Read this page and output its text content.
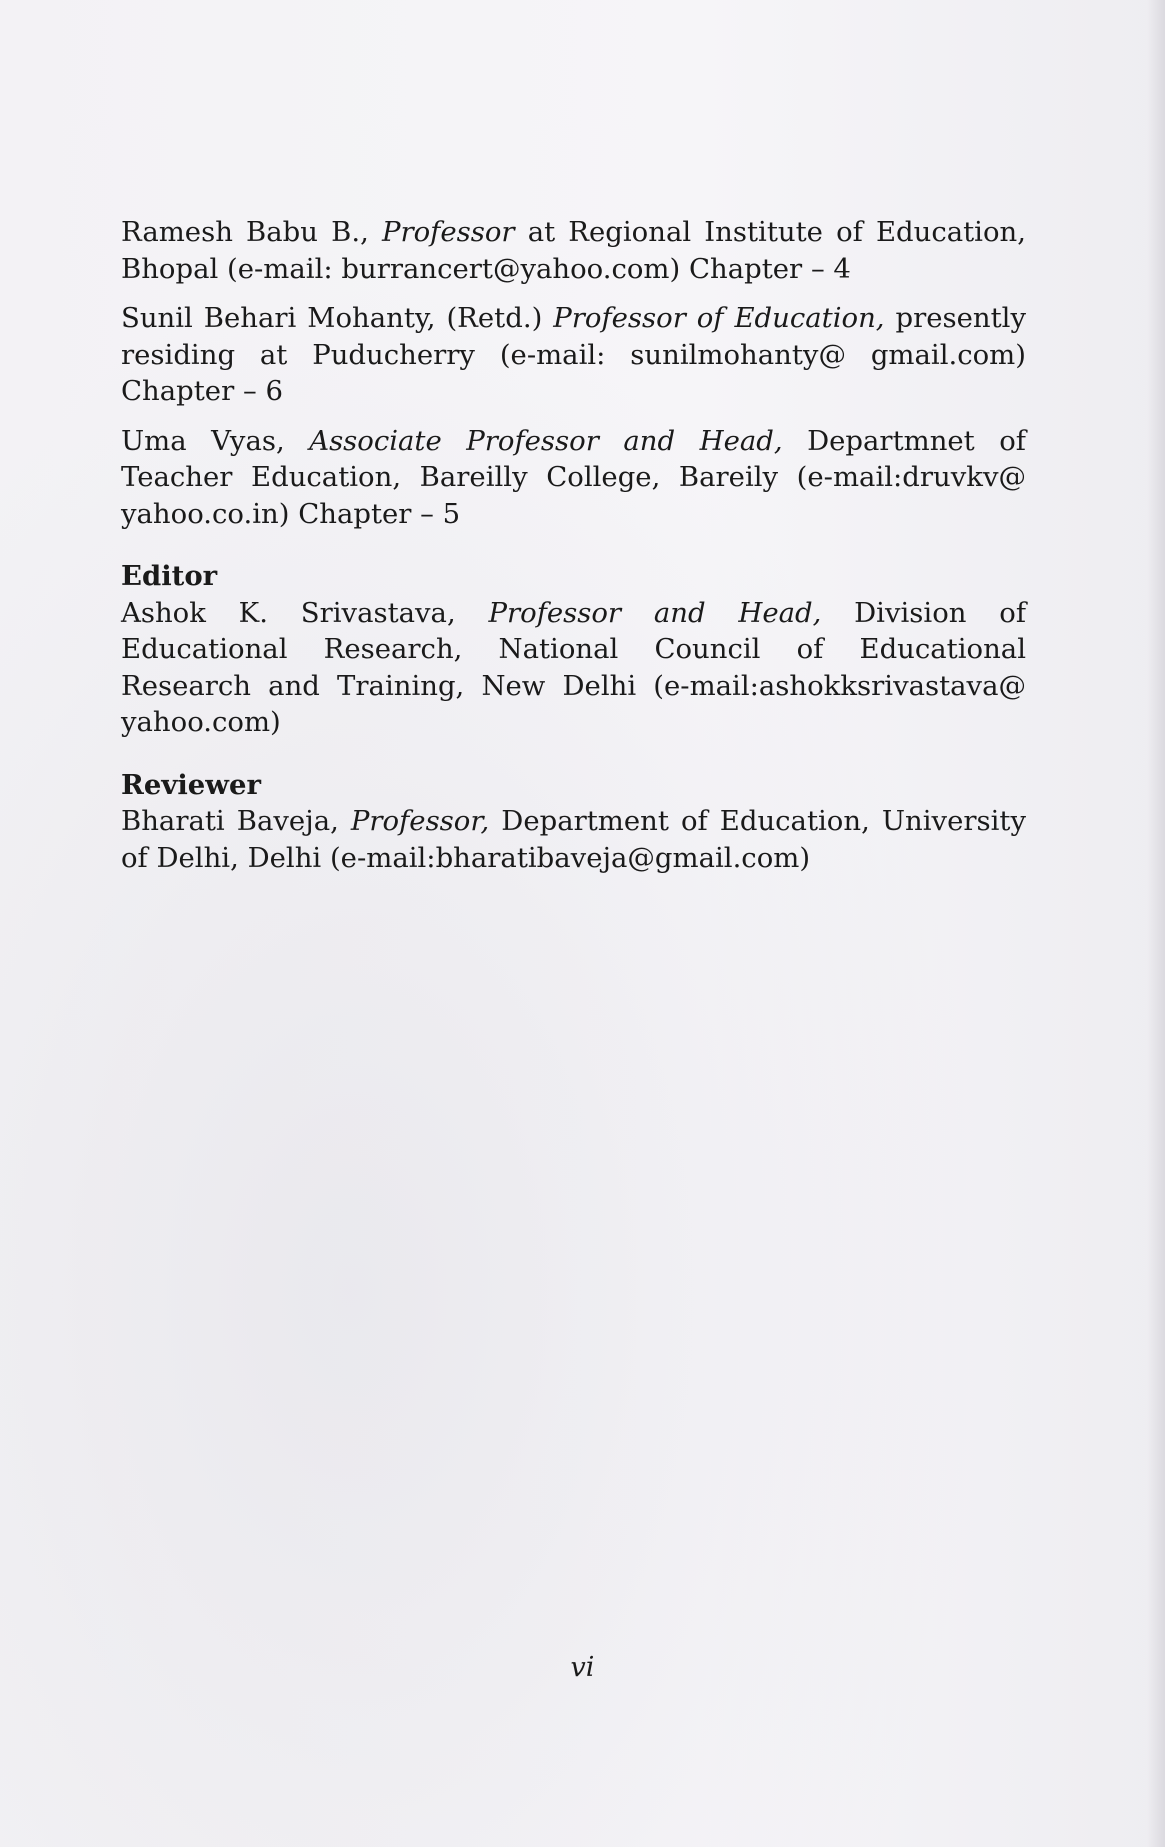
Ramesh Babu B., Professor at Regional Institute of Education, Bhopal (e-mail: burrancert@yahoo.com) Chapter – 4

Sunil Behari Mohanty, (Retd.) Professor of Education, presently residing at Puducherry (e-mail: sunilmohanty@ gmail.com) Chapter – 6

Uma Vyas, Associate Professor and Head, Departmnet of Teacher Education, Bareilly College, Bareily (e-mail:druvkv@ yahoo.co.in) Chapter – 5

Editor

Ashok K. Srivastava, Professor and Head, Division of Educational Research, National Council of Educational Research and Training, New Delhi (e-mail:ashokksrivastava@ yahoo.com)

Reviewer

Bharati Baveja, Professor, Department of Education, University of Delhi, Delhi (e-mail:bharatibaveja@gmail.com)

vi
